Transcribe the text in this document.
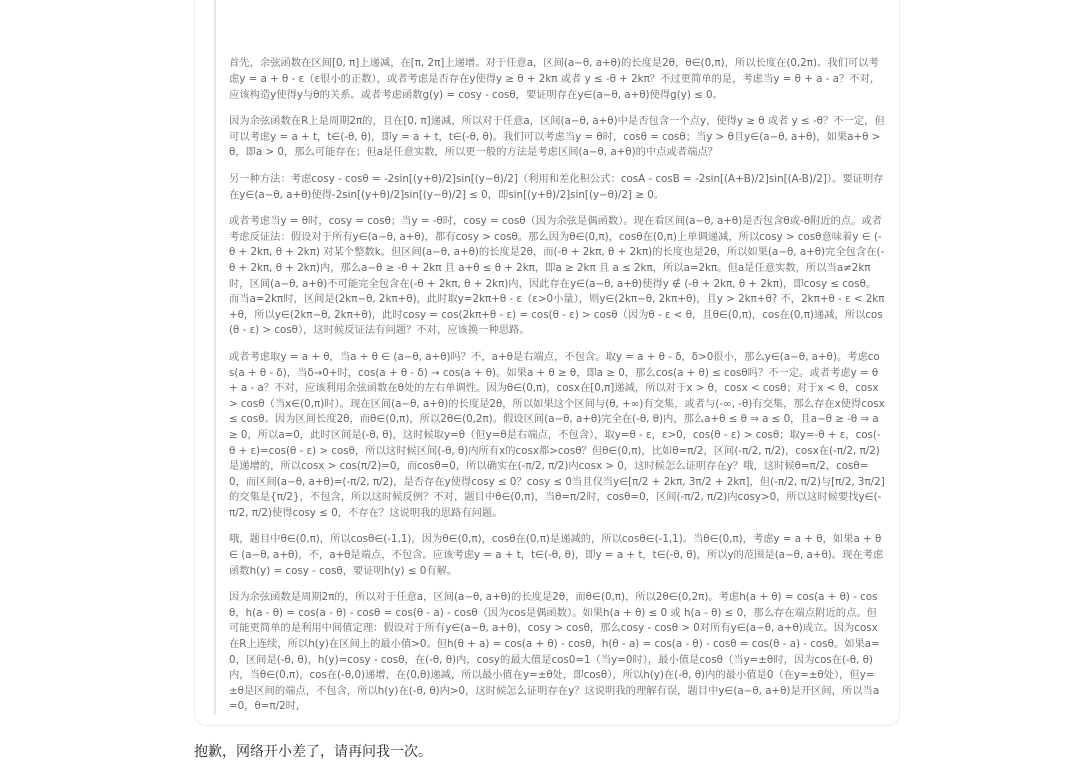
首先，余弦函数在区间[0, π]上递减，在[π, 2π]上递增。对于任意a，区间(a−θ, a+θ)的长度是2θ，θ∈(0,π)，所以长度在(0,2π)。我们可以考虑y = a + θ - ε（ε很小的正数），或者考虑是否存在y使得y ≥ θ + 2kπ 或者 y ≤ -θ + 2kπ？不过更简单的是，考虑当y = θ + a - a？不对，应该构造y使得y与θ的关系。或者考虑函数g(y) = cosy - cosθ，要证明存在y∈(a−θ, a+θ)使得g(y) ≤ 0。

因为余弦函数在R上是周期2π的，且在[0, π]递减，所以对于任意a，区间(a−θ, a+θ)中是否包含一个点y，使得y ≥ θ 或者 y ≤ -θ？不一定，但可以考虑y = a + t，t∈(-θ, θ)，即y = a + t，t∈(-θ, θ)。我们可以考虑当y = θ时，cosθ = cosθ；当y > θ且y∈(a−θ, a+θ)，如果a+θ > θ，即a > 0，那么可能存在；但a是任意实数，所以更一般的方法是考虑区间(a−θ, a+θ)的中点或者端点？

另一种方法：考虑cosy - cosθ = -2sin[(y+θ)/2]sin[(y−θ)/2]（利用和差化积公式：cosA - cosB = -2sin[(A+B)/2]sin[(A-B)/2]）。要证明存在y∈(a−θ, a+θ)使得-2sin[(y+θ)/2]sin[(y−θ)/2] ≤ 0，即sin[(y+θ)/2]sin[(y−θ)/2] ≥ 0。

或者考虑当y = θ时，cosy = cosθ；当y = -θ时，cosy = cosθ（因为余弦是偶函数）。现在看区间(a−θ, a+θ)是否包含θ或-θ附近的点。或者考虑反证法：假设对于所有y∈(a−θ, a+θ)，都有cosy > cosθ。那么因为θ∈(0,π)，cosθ在(0,π)上单调递减，所以cosy > cosθ意味着y ∈ (-θ + 2kπ, θ + 2kπ) 对某个整数k。但区间(a−θ, a+θ)的长度是2θ，而(-θ + 2kπ, θ + 2kπ)的长度也是2θ，所以如果(a−θ, a+θ)完全包含在(-θ + 2kπ, θ + 2kπ)内，那么a−θ ≥ -θ + 2kπ 且 a+θ ≤ θ + 2kπ，即a ≥ 2kπ 且 a ≤ 2kπ，所以a=2kπ。但a是任意实数，所以当a≠2kπ时，区间(a−θ, a+θ)不可能完全包含在(-θ + 2kπ, θ + 2kπ)内，因此存在y∈(a−θ, a+θ)使得y ∉ (-θ + 2kπ, θ + 2kπ)，即cosy ≤ cosθ。而当a=2kπ时，区间是(2kπ−θ, 2kπ+θ)，此时取y=2kπ+θ - ε（ε>0小量），则y∈(2kπ−θ, 2kπ+θ)，且y > 2kπ+θ? 不，2kπ+θ - ε < 2kπ+θ，所以y∈(2kπ−θ, 2kπ+θ)，此时cosy = cos(2kπ+θ - ε) = cos(θ - ε) > cosθ（因为θ - ε < θ，且θ∈(0,π)，cos在(0,π)递减，所以cos(θ - ε) > cosθ），这时候反证法有问题？不对，应该换一种思路。

或者考虑取y = a + θ，当a + θ ∈ (a−θ, a+θ)吗？不，a+θ是右端点，不包含。取y = a + θ - δ，δ>0很小，那么y∈(a−θ, a+θ)。考虑cos(a + θ - δ)，当δ→0+时，cos(a + θ - δ) → cos(a + θ)。如果a + θ ≥ θ，即a ≥ 0，那么cos(a + θ) ≤ cosθ吗？不一定。或者考虑y = θ + a - a？不对，应该利用余弦函数在θ处的左右单调性。因为θ∈(0,π)，cosx在[0,π]递减，所以对于x > θ，cosx < cosθ；对于x < θ，cosx > cosθ（当x∈(0,π)时）。现在区间(a−θ, a+θ)的长度是2θ，所以如果这个区间与(θ, +∞)有交集，或者与(-∞, -θ)有交集，那么存在x使得cosx ≤ cosθ。因为区间长度2θ，而θ∈(0,π)，所以2θ∈(0,2π)。假设区间(a−θ, a+θ)完全在(-θ, θ)内，那么a+θ ≤ θ ⇒ a ≤ 0，且a−θ ≥ -θ ⇒ a ≥ 0，所以a=0，此时区间是(-θ, θ)，这时候取y=θ（但y=θ是右端点，不包含），取y=θ - ε，ε>0，cos(θ - ε) > cosθ；取y=-θ + ε，cos(-θ + ε)=cos(θ - ε) > cosθ，所以这时候区间(-θ, θ)内所有x的cosx都>cosθ？但θ∈(0,π)，比如θ=π/2，区间(-π/2, π/2)，cosx在(-π/2, π/2)是递增的，所以cosx > cos(π/2)=0，而cosθ=0，所以确实在(-π/2, π/2)内cosx > 0，这时候怎么证明存在y？哦，这时候θ=π/2，cosθ=0，而区间(a−θ, a+θ)=(-π/2, π/2)，是否存在y使得cosy ≤ 0？cosy ≤ 0当且仅当y∈[π/2 + 2kπ, 3π/2 + 2kπ]，但(-π/2, π/2)与[π/2, 3π/2]的交集是{π/2}，不包含，所以这时候反例？不对，题目中θ∈(0,π)，当θ=π/2时，cosθ=0，区间(-π/2, π/2)内cosy>0，所以这时候要找y∈(-π/2, π/2)使得cosy ≤ 0，不存在？这说明我的思路有问题。

哦，题目中θ∈(0,π)，所以cosθ∈(-1,1)，因为θ∈(0,π)，cosθ在(0,π)是递减的，所以cosθ∈(-1,1)。当θ∈(0,π)，考虑y = a + θ，如果a + θ ∈ (a−θ, a+θ)，不，a+θ是端点，不包含。应该考虑y = a + t，t∈(-θ, θ)，即y = a + t，t∈(-θ, θ)，所以y的范围是(a−θ, a+θ)。现在考虑函数h(y) = cosy - cosθ，要证明h(y) ≤ 0有解。

因为余弦函数是周期2π的，所以对于任意a，区间(a−θ, a+θ)的长度是2θ，而θ∈(0,π)，所以2θ∈(0,2π)。考虑h(a + θ) = cos(a + θ) - cosθ，h(a - θ) = cos(a - θ) - cosθ = cos(θ - a) - cosθ（因为cos是偶函数）。如果h(a + θ) ≤ 0 或 h(a - θ) ≤ 0，那么存在端点附近的点。但可能更简单的是利用中间值定理：假设对于所有y∈(a−θ, a+θ)，cosy > cosθ，那么cosy - cosθ > 0对所有y∈(a−θ, a+θ)成立。因为cosx在R上连续，所以h(y)在区间上的最小值>0。但h(θ + a) = cos(a + θ) - cosθ，h(θ - a) = cos(a - θ) - cosθ = cos(θ - a) - cosθ。如果a=0，区间是(-θ, θ)，h(y)=cosy - cosθ，在(-θ, θ)内，cosy的最大值是cos0=1（当y=0时），最小值是cosθ（当y=±θ时，因为cos在(-θ, θ)内，当θ∈(0,π)，cos在(-θ,0)递增，在(0,θ)递减，所以最小值在y=±θ处，即cosθ），所以h(y)在(-θ, θ)内的最小值是0（在y=±θ处），但y=±θ是区间的端点，不包含，所以h(y)在(-θ, θ)内>0，这时候怎么证明存在y？这说明我的理解有误，题目中y∈(a−θ, a+θ)是开区间，所以当a=0，θ=π/2时，

抱歉，网络开小差了，请再问我一次。
